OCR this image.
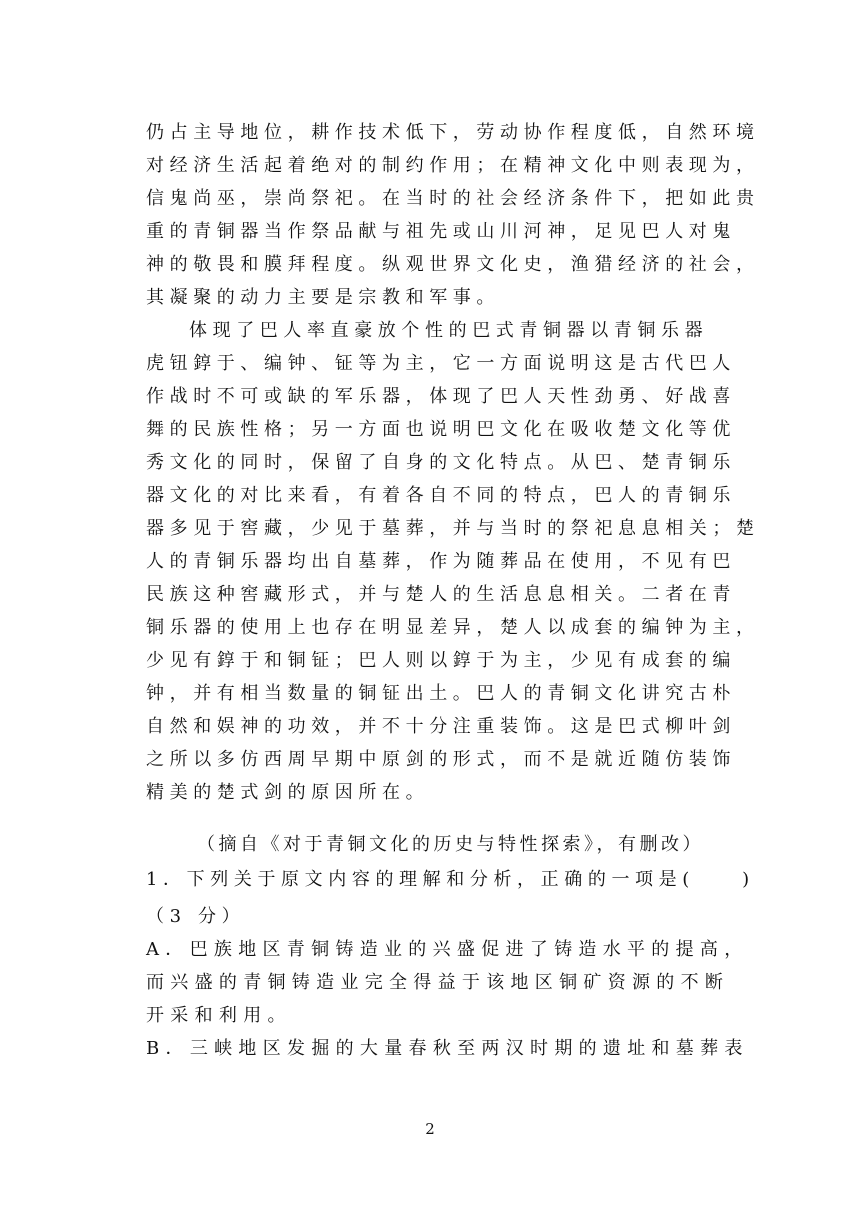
仍占主导地位，耕作技术低下，劳动协作程度低，自然环境
对经济生活起着绝对的制约作用；在精神文化中则表现为，
信鬼尚巫，崇尚祭祀。在当时的社会经济条件下，把如此贵
重的青铜器当作祭品献与祖先或山川河神，足见巴人对鬼
神的敬畏和膜拜程度。纵观世界文化史，渔猎经济的社会，
其凝聚的动力主要是宗教和军事。
体现了巴人率直豪放个性的巴式青铜器以青铜乐器
虎钮錞于、编钟、钲等为主，它一方面说明这是古代巴人
作战时不可或缺的军乐器，体现了巴人天性劲勇、好战喜
舞的民族性格；另一方面也说明巴文化在吸收楚文化等优
秀文化的同时，保留了自身的文化特点。从巴、楚青铜乐
器文化的对比来看，有着各自不同的特点，巴人的青铜乐
器多见于窖藏，少见于墓葬，并与当时的祭祀息息相关；楚
人的青铜乐器均出自墓葬，作为随葬品在使用，不见有巴
民族这种窖藏形式，并与楚人的生活息息相关。二者在青
铜乐器的使用上也存在明显差异，楚人以成套的编钟为主，
少见有錞于和铜钲；巴人则以錞于为主，少见有成套的编
钟，并有相当数量的铜钲出土。巴人的青铜文化讲究古朴
自然和娱神的功效，并不十分注重装饰。这是巴式柳叶剑
之所以多仿西周早期中原剑的形式，而不是就近随仿装饰
精美的楚式剑的原因所在。
（摘自《对于青铜文化的历史与特性探索》，有删改）
1．下列关于原文内容的理解和分析，正确的一项是(　　)
（3 分）
A．巴族地区青铜铸造业的兴盛促进了铸造水平的提高，
而兴盛的青铜铸造业完全得益于该地区铜矿资源的不断
开采和利用。
B．三峡地区发掘的大量春秋至两汉时期的遗址和墓葬表
2
